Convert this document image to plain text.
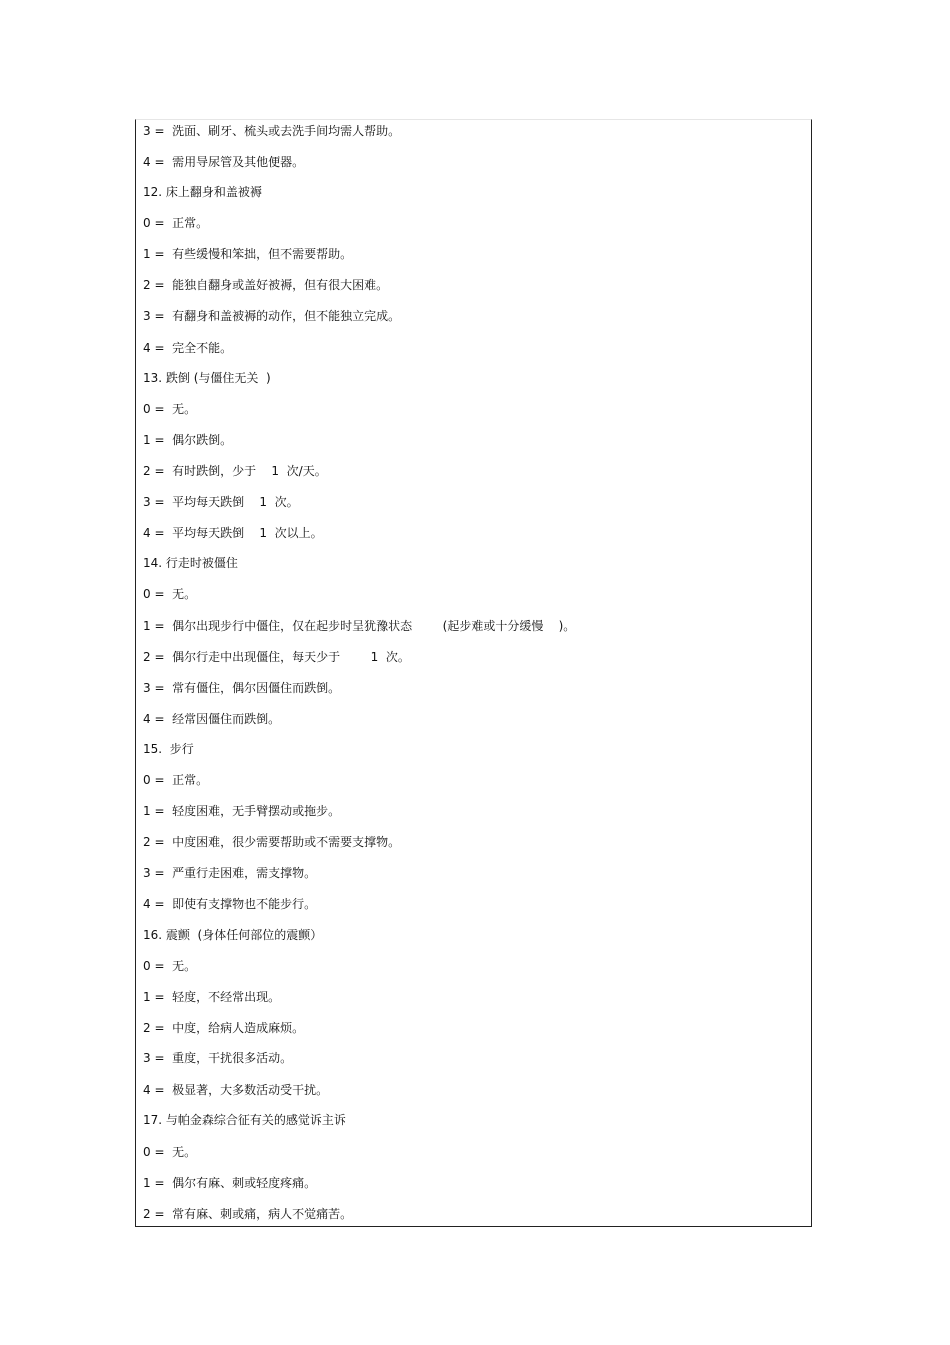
3 =  洗面、刷牙、梳头或去洗手间均需人帮助。
4 =  需用导尿管及其他便器。
12. 床上翻身和盖被褥
0 =  正常。
1 =  有些缓慢和笨拙，但不需要帮助。
2 =  能独自翻身或盖好被褥，但有很大困难。
3 =  有翻身和盖被褥的动作，但不能独立完成。
4 =  完全不能。
13. 跌倒 (与僵住无关  )
0 =  无。
1 =  偶尔跌倒。
2 =  有时跌倒，少于    1  次/天。
3 =  平均每天跌倒    1  次。
4 =  平均每天跌倒    1  次以上。
14. 行走时被僵住
0 =  无。
1 =  偶尔出现步行中僵住，仅在起步时呈犹豫状态        (起步难或十分缓慢    )。
2 =  偶尔行走中出现僵住，每天少于        1  次。
3 =  常有僵住，偶尔因僵住而跌倒。
4 =  经常因僵住而跌倒。
15.  步行
0 =  正常。
1 =  轻度困难，无手臂摆动或拖步。
2 =  中度困难，很少需要帮助或不需要支撑物。
3 =  严重行走困难，需支撑物。
4 =  即使有支撑物也不能步行。
16. 震颤  (身体任何部位的震颤）
0 =  无。
1 =  轻度，不经常出现。
2 =  中度，给病人造成麻烦。
3 =  重度，干扰很多活动。
4 =  极显著，大多数活动受干扰。
17. 与帕金森综合征有关的感觉诉主诉
0 =  无。
1 =  偶尔有麻、刺或轻度疼痛。
2 =  常有麻、刺或痛，病人不觉痛苦。
